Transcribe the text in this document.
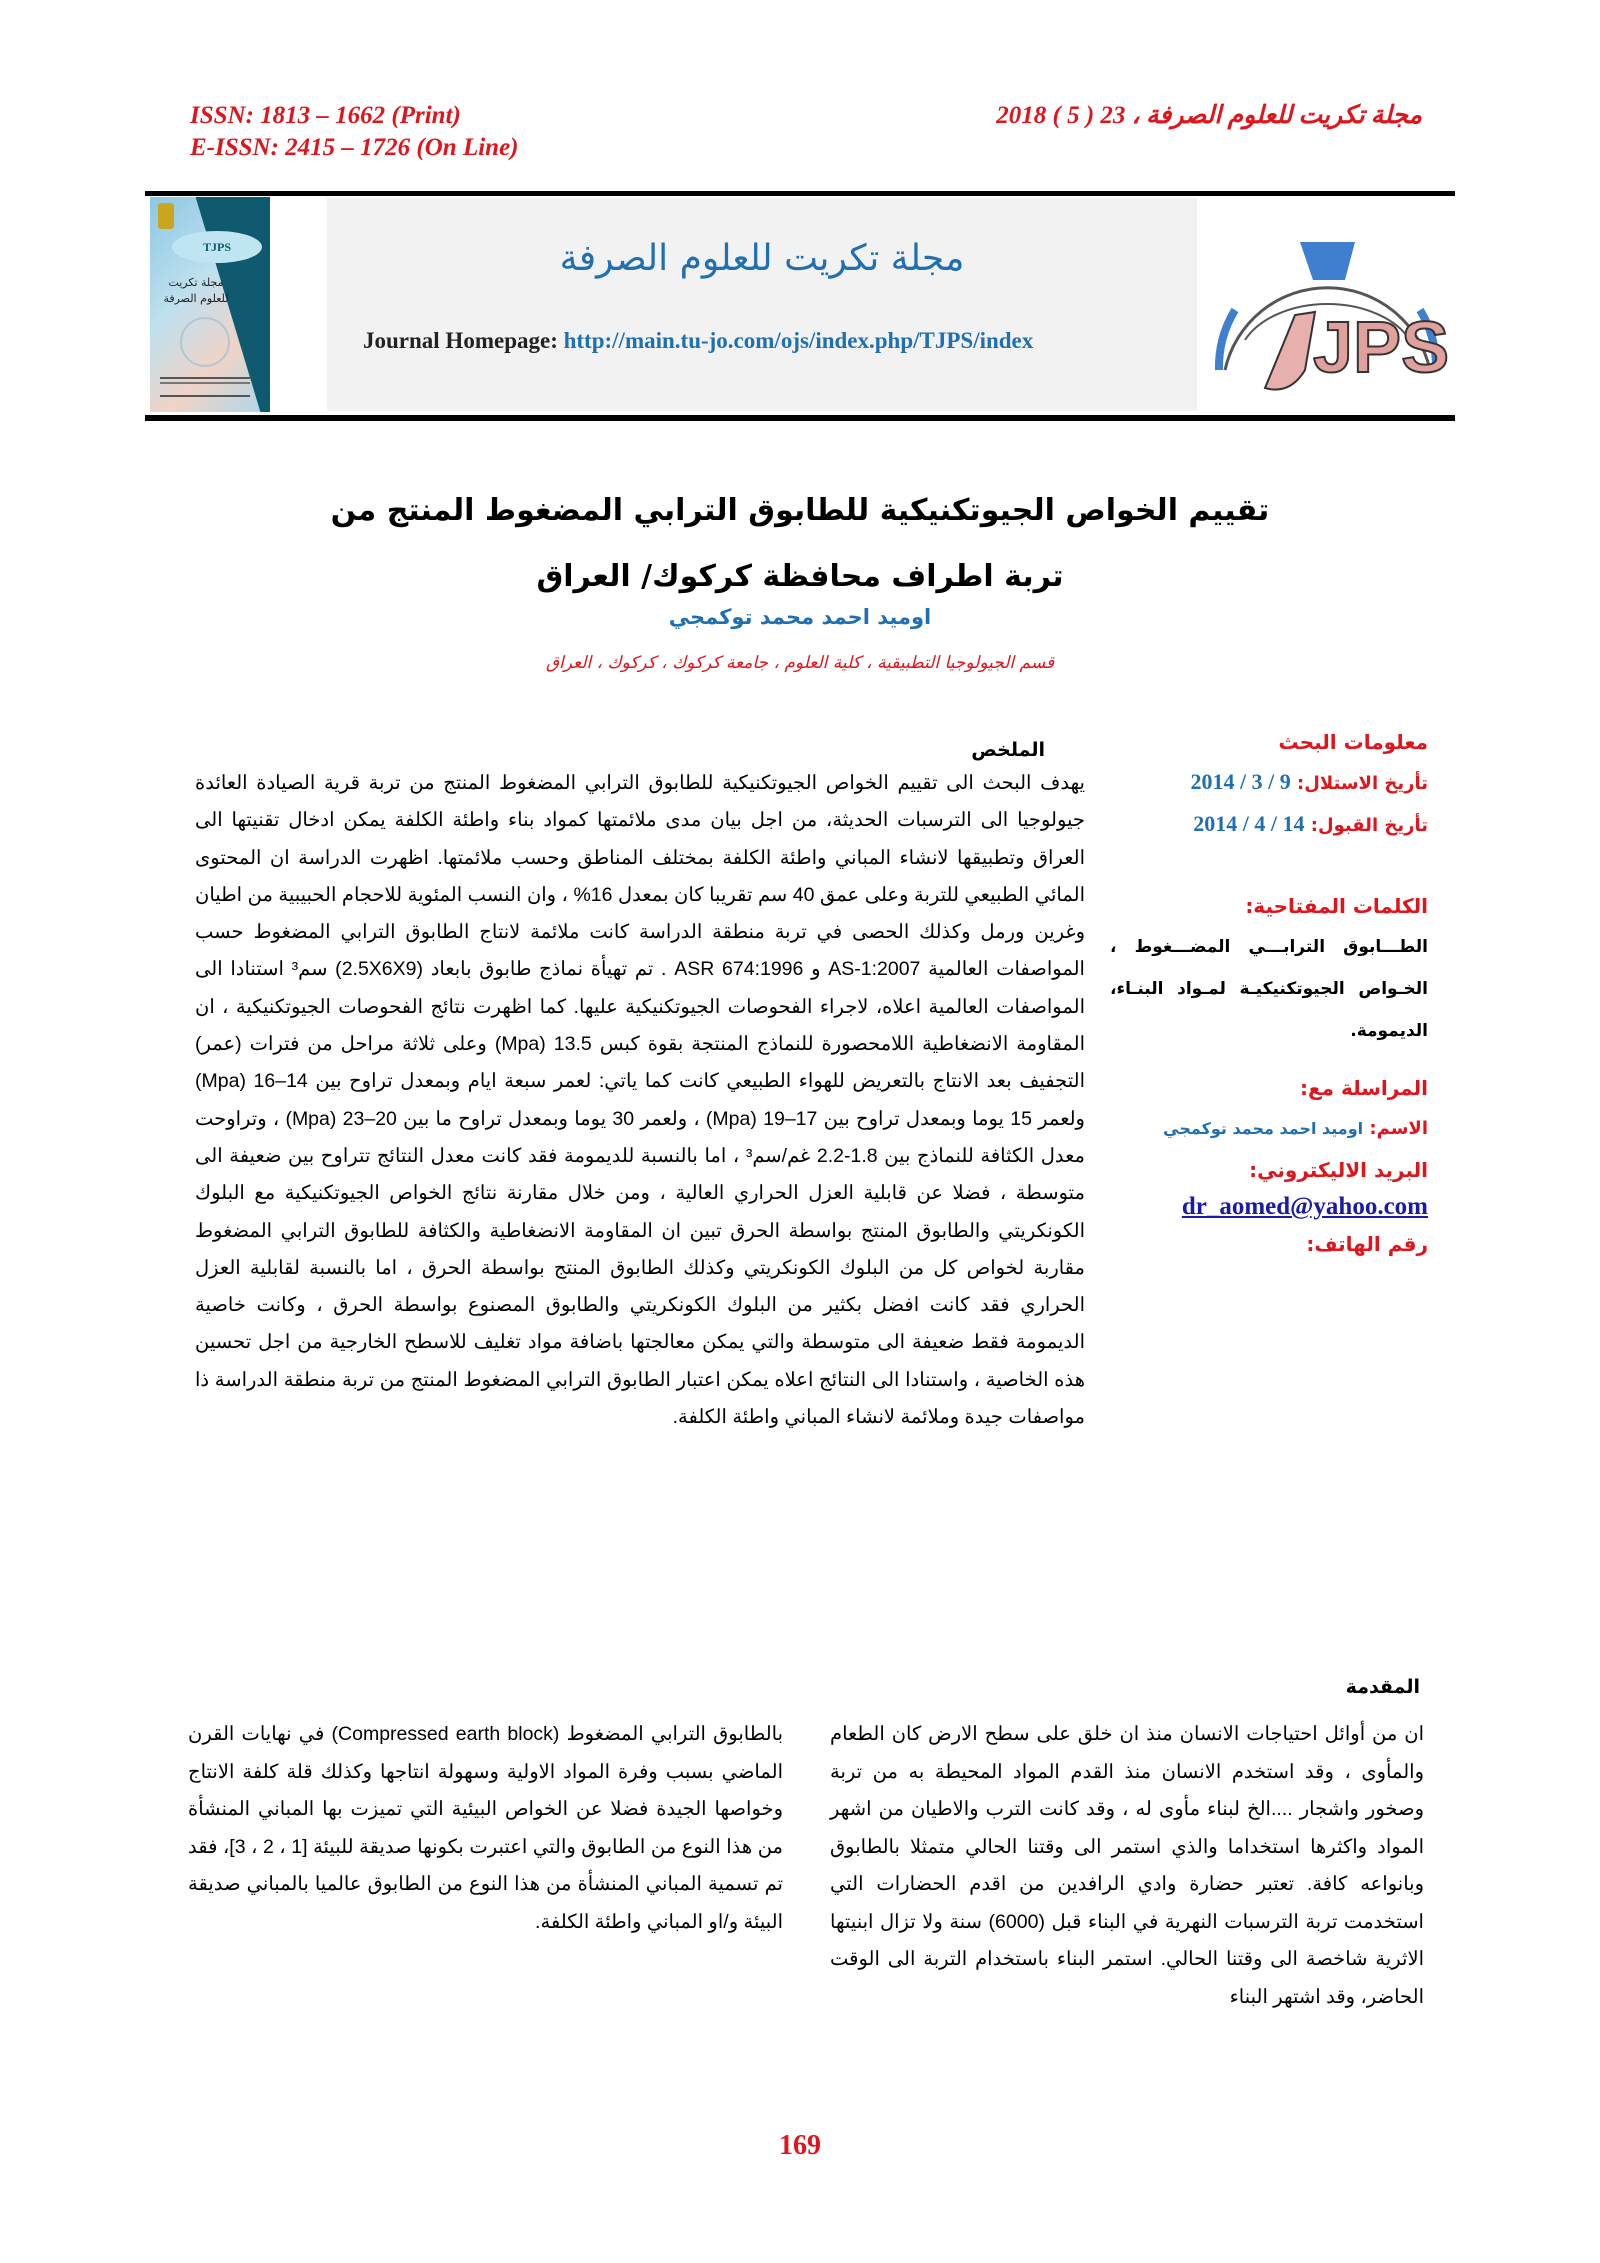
ISSN: 1813 – 1662 (Print)
E-ISSN: 2415 – 1726 (On Line)
مجلة تكريت للعلوم الصرفة ، 23 ( 5 ) 2018
TJPS
مجلة تكريت للعلوم الصرفة
مجلة تكريت للعلوم الصرفة
Journal Homepage: http://main.tu-jo.com/ojs/index.php/TJPS/index	JPS
تقييم الخواص الجيوتكنيكية للطابوق الترابي المضغوط المنتج من تربة اطراف محافظة كركوك/ العراق
اوميد احمد محمد توكمجي
قسم الجيولوجيا التطبيقية ، كلية العلوم ، جامعة كركوك ، كركوك ، العراق
معلومات البحث
تأريخ الاستلال: 9 / 3 / 2014
تأريخ القبول: 14 / 4 / 2014
الكلمات المفتاحية:
الطـــابوق الترابـــي المضـــغوط ، الخـواص الجيوتكنيكيـة لمـواد البنـاء، الديمومة.
المراسلة مع:
الاسم: اوميد احمد محمد توكمجي
البريد الاليكتروني:
dr_aomed@yahoo.com
رقم الهاتف:
الملخص
يهدف البحث الى تقييم الخواص الجيوتكنيكية للطابوق الترابي المضغوط المنتج من تربة قرية الصيادة العائدة جيولوجيا الى الترسبات الحديثة، من اجل بيان مدى ملائمتها كمواد بناء واطئة الكلفة يمكن ادخال تقنيتها الى العراق وتطبيقها لانشاء المباني واطئة الكلفة بمختلف المناطق وحسب ملائمتها. اظهرت الدراسة ان المحتوى المائي الطبيعي للتربة وعلى عمق 40 سم تقريبا كان بمعدل 16% ، وان النسب المئوية للاحجام الحبيبية من اطيان وغرين ورمل وكذلك الحصى في تربة منطقة الدراسة كانت ملائمة لانتاج الطابوق الترابي المضغوط حسب المواصفات العالمية AS-1:2007 و ASR 674:1996 . تم تهيأة نماذج طابوق بابعاد (2.5X6X9) سم³ استنادا الى المواصفات العالمية اعلاه، لاجراء الفحوصات الجيوتكنيكية عليها. كما اظهرت نتائج الفحوصات الجيوتكنيكية ، ان المقاومة الانضغاطية اللامحصورة للنماذج المنتجة بقوة كبس 13.5 (Mpa) وعلى ثلاثة مراحل من فترات (عمر) التجفيف بعد الانتاج بالتعريض للهواء الطبيعي كانت كما ياتي: لعمر سبعة ايام وبمعدل تراوح بين 14–16 (Mpa) ولعمر 15 يوما وبمعدل تراوح بين 17–19 (Mpa) ، ولعمر 30 يوما وبمعدل تراوح ما بين 20–23 (Mpa) ، وتراوحت معدل الكثافة للنماذج بين 1.8-2.2 غم/سم³ ، اما بالنسبة للديمومة فقد كانت معدل النتائج تتراوح بين ضعيفة الى متوسطة ، فضلا عن قابلية العزل الحراري العالية ، ومن خلال مقارنة نتائج الخواص الجيوتكنيكية مع البلوك الكونكريتي والطابوق المنتج بواسطة الحرق تبين ان المقاومة الانضغاطية والكثافة للطابوق الترابي المضغوط مقاربة لخواص كل من البلوك الكونكريتي وكذلك الطابوق المنتج بواسطة الحرق ، اما بالنسبة لقابلية العزل الحراري فقد كانت افضل بكثير من البلوك الكونكريتي والطابوق المصنوع بواسطة الحرق ، وكانت خاصية الديمومة فقط ضعيفة الى متوسطة والتي يمكن معالجتها باضافة مواد تغليف للاسطح الخارجية من اجل تحسين هذه الخاصية ، واستنادا الى النتائج اعلاه يمكن اعتبار الطابوق الترابي المضغوط المنتج من تربة منطقة الدراسة ذا مواصفات جيدة وملائمة لانشاء المباني واطئة الكلفة.
المقدمة
ان من أوائل احتياجات الانسان منذ ان خلق على سطح الارض كان الطعام والمأوى ، وقد استخدم الانسان منذ القدم المواد المحيطة به من تربة وصخور واشجار ....الخ لبناء مأوى له ، وقد كانت الترب والاطيان من اشهر المواد واكثرها استخداما والذي استمر الى وقتنا الحالي متمثلا بالطابوق وبانواعه كافة. تعتبر حضارة وادي الرافدين من اقدم الحضارات التي استخدمت تربة الترسبات النهرية في البناء قبل (6000) سنة ولا تزال ابنيتها الاثرية شاخصة الى وقتنا الحالي. استمر البناء باستخدام التربة الى الوقت الحاضر، وقد اشتهر البناء
بالطابوق الترابي المضغوط (Compressed earth block) في نهايات القرن الماضي بسبب وفرة المواد الاولية وسهولة انتاجها وكذلك قلة كلفة الانتاج وخواصها الجيدة فضلا عن الخواص البيئية التي تميزت بها المباني المنشأة من هذا النوع من الطابوق والتي اعتبرت بكونها صديقة للبيئة [1 ، 2 ، 3]، فقد تم تسمية المباني المنشأة من هذا النوع من الطابوق عالميا بالمباني صديقة البيئة و/او المباني واطئة الكلفة.
169
